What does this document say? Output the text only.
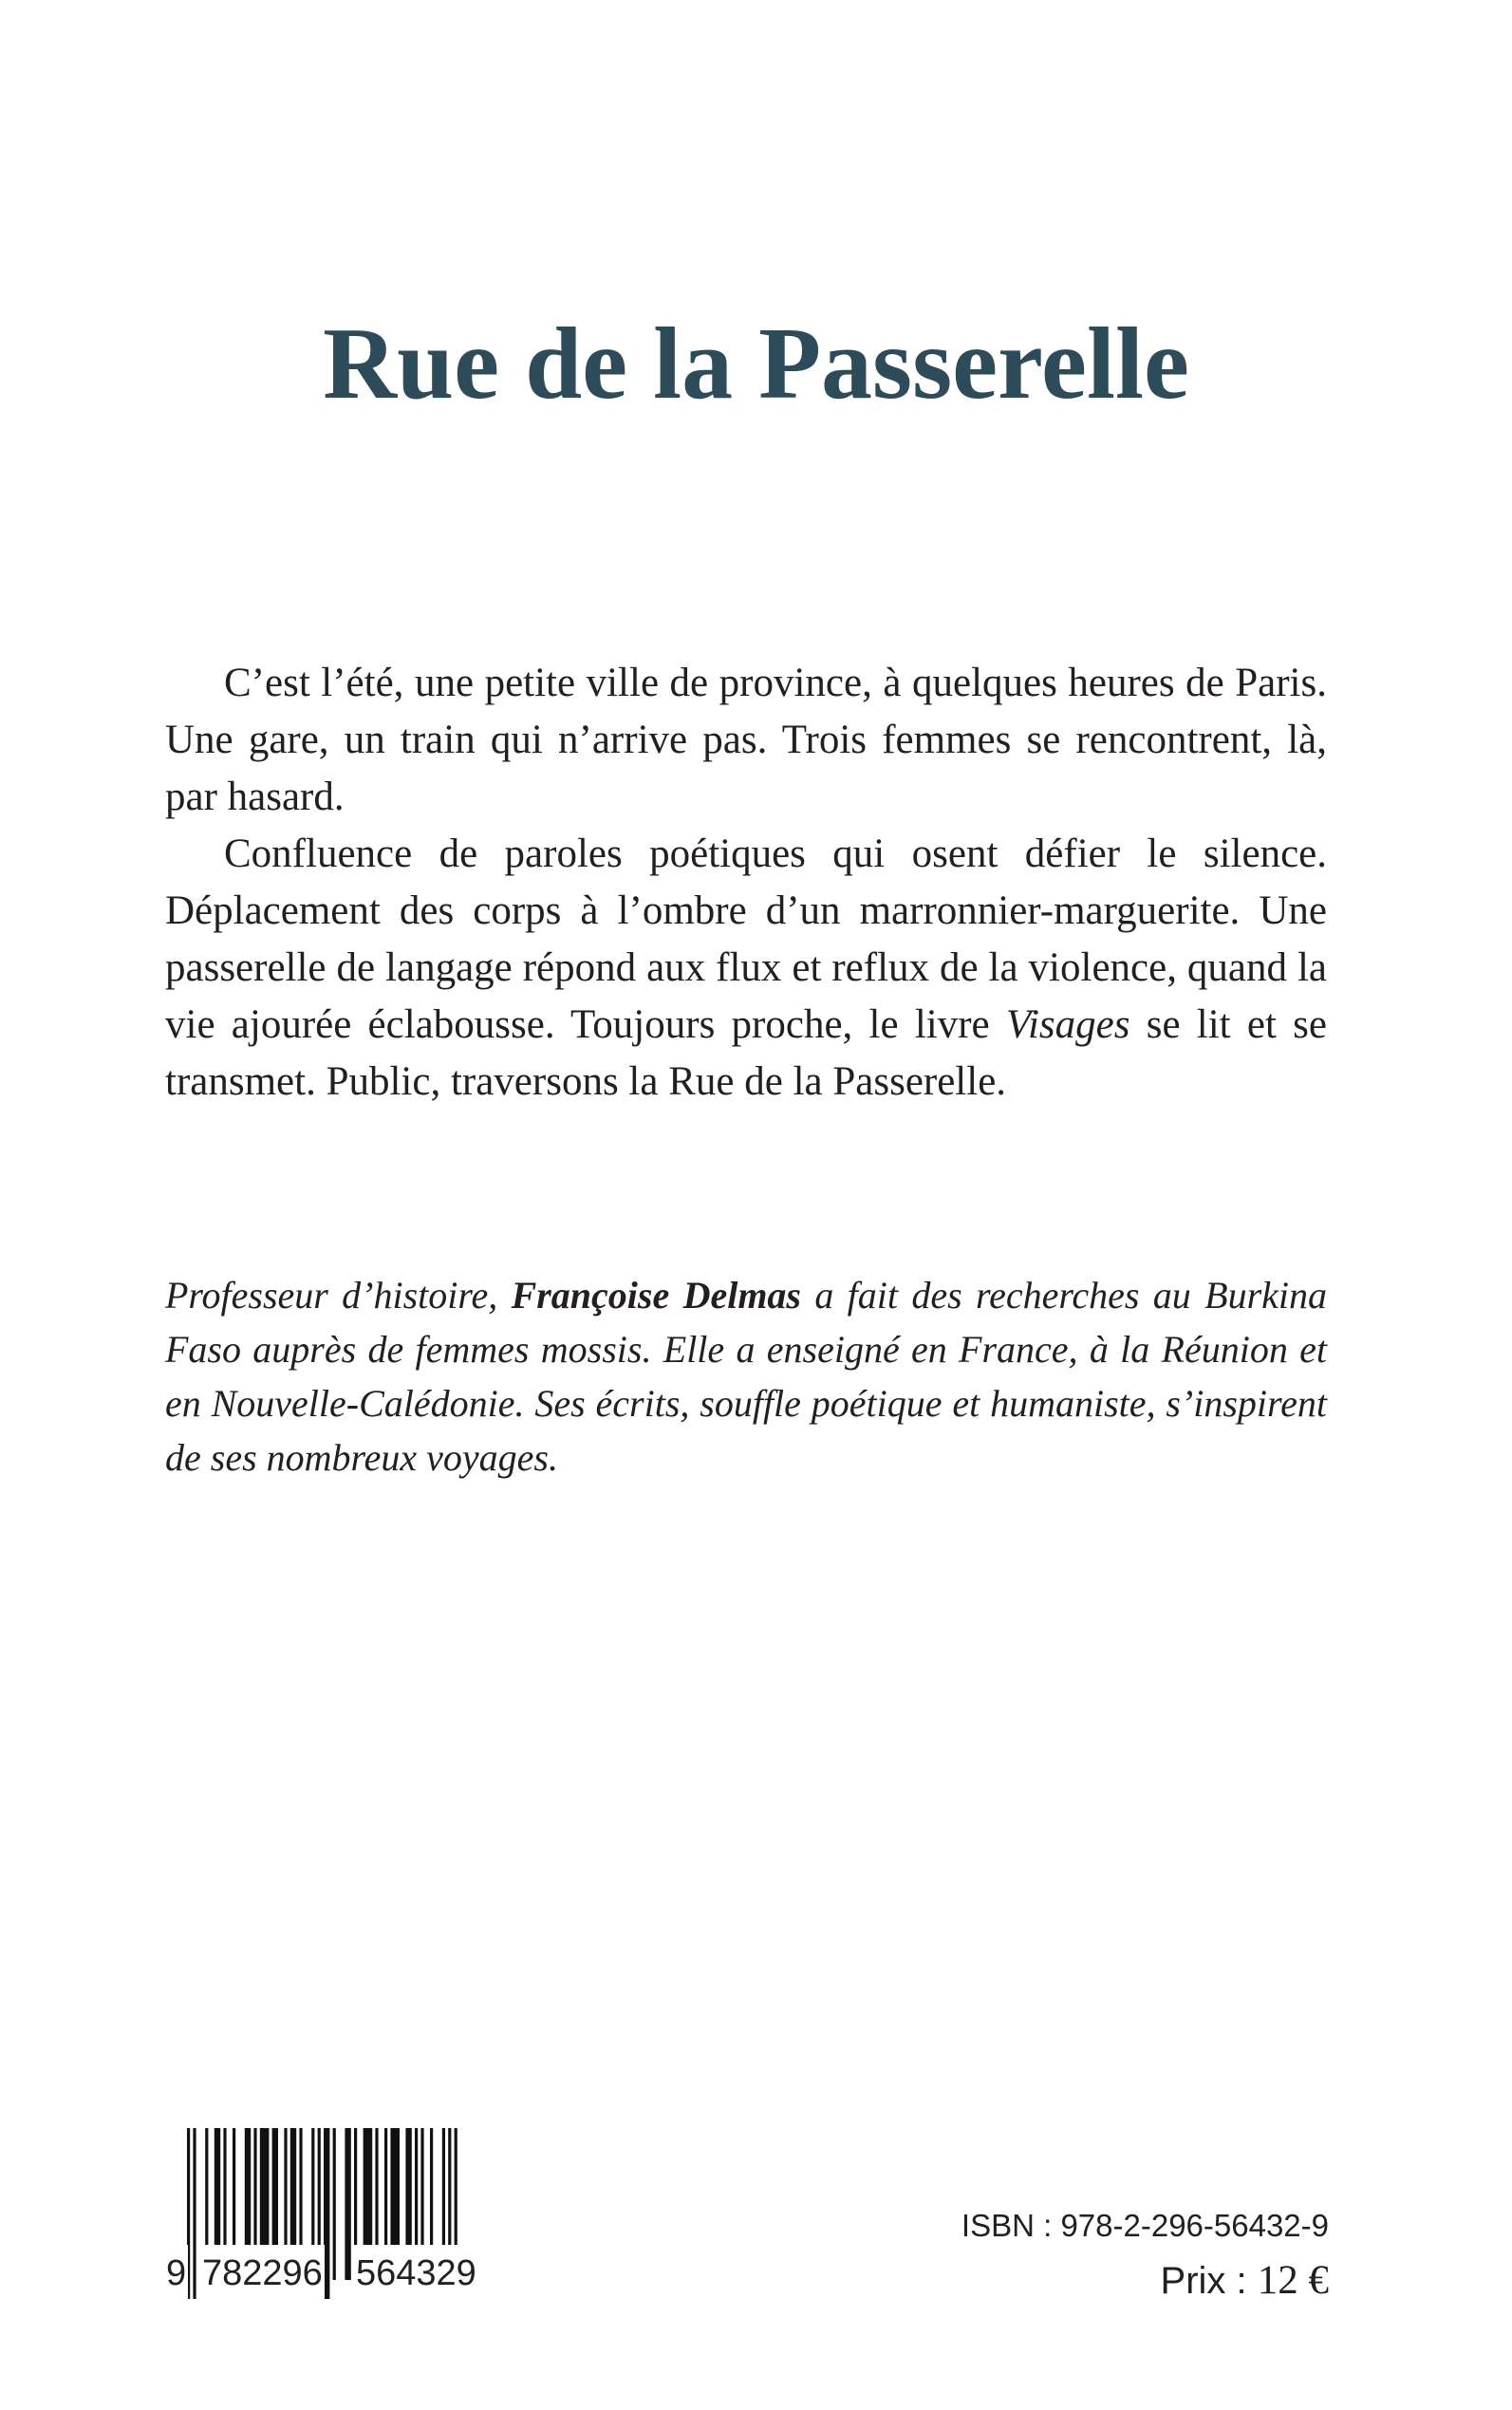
Rue de la Passerelle

C’est l’été, une petite ville de province, à quelques heures de Paris. Une gare, un train qui n’arrive pas. Trois femmes se rencontrent, là, par hasard.

Confluence de paroles poétiques qui osent défier le silence. Déplacement des corps à l’ombre d’un marronnier-marguerite. Une passerelle de langage répond aux flux et reflux de la violence, quand la vie ajourée éclabousse. Toujours proche, le livre Visages se lit et se transmet. Public, traversons la Rue de la Passerelle.

Professeur d’histoire, Françoise Delmas a fait des recherches au Burkina Faso auprès de femmes mossis. Elle a enseigné en France, à la Réunion et en Nouvelle-Calédonie. Ses écrits, souffle poétique et humaniste, s’inspirent de ses nombreux voyages.
9 782296 564329
ISBN : 978-2-296-56432-9
Prix : 12 €
